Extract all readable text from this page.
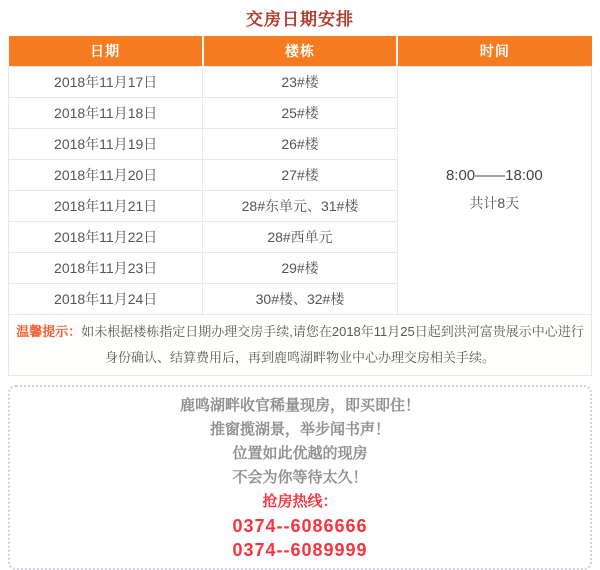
交房日期安排
日期	楼栋	时间
2018年11月17日	23#楼	8:00——18:00
共计8天

2018年11月18日	25#楼	
2018年11月19日	26#楼	
2018年11月20日	27#楼	
2018年11月21日	28#东单元、31#楼	
2018年11月22日	28#西单元	
2018年11月23日	29#楼	
2018年11月24日	30#楼、32#楼	
温馨提示：如未根据楼栋指定日期办理交房手续,请您在2018年11月25日起到洪河富贵展示中心进行身份确认、结算费用后，再到鹿鸣湖畔物业中心办理交房相关手续。

鹿鸣湖畔收官稀量现房，即买即住！

推窗揽湖景，举步闻书声！

位置如此优越的现房

不会为你等待太久！

抢房热线：

0374--6086666

0374--6089999
